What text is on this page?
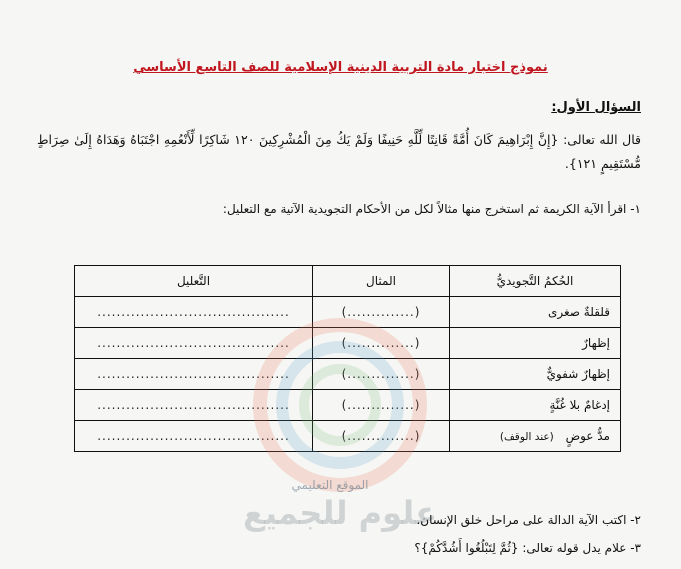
نموذج اختبار مادة التربية الدينية الإسلامية للصف التاسع الأساسي
السؤال الأول:
قال الله تعالى: {إِنَّ إِبْرَاهِيمَ كَانَ أُمَّةً قَانِتًا لِّلَّهِ حَنِيفًا وَلَمْ يَكُ مِنَ الْمُشْرِكِينَ ١٢٠ شَاكِرًا لِّأَنْعُمِهِ اجْتَبَاهُ وَهَدَاهُ إِلَىٰ صِرَاطٍ مُّسْتَقِيمٍ ١٢١}.
١- اقرأ الآية الكريمة ثم استخرج منها مثالاً لكل من الأحكام التجويدية الآتية مع التعليل:
الحُكمُ التَّجويديُّ	المثال	التَّعليل
قلقلةٌ صغرى	(..............)	........................................
إظهارٌ	(..............)	........................................
إظهارٌ شفويٌّ	(..............)	........................................
إدغامٌ بلا غُنَّةٍ	(..............)	........................................
مدٌّ عوضٍ (عند الوقف)	(..............)	........................................
الموقع التعليمي
علوم للجميع
٢- اكتب الآية الدالة على مراحل خلق الإنسان.
٣- علام يدل قوله تعالى: {ثُمَّ لِتَبْلُغُوا أَشُدَّكُمْ}؟
